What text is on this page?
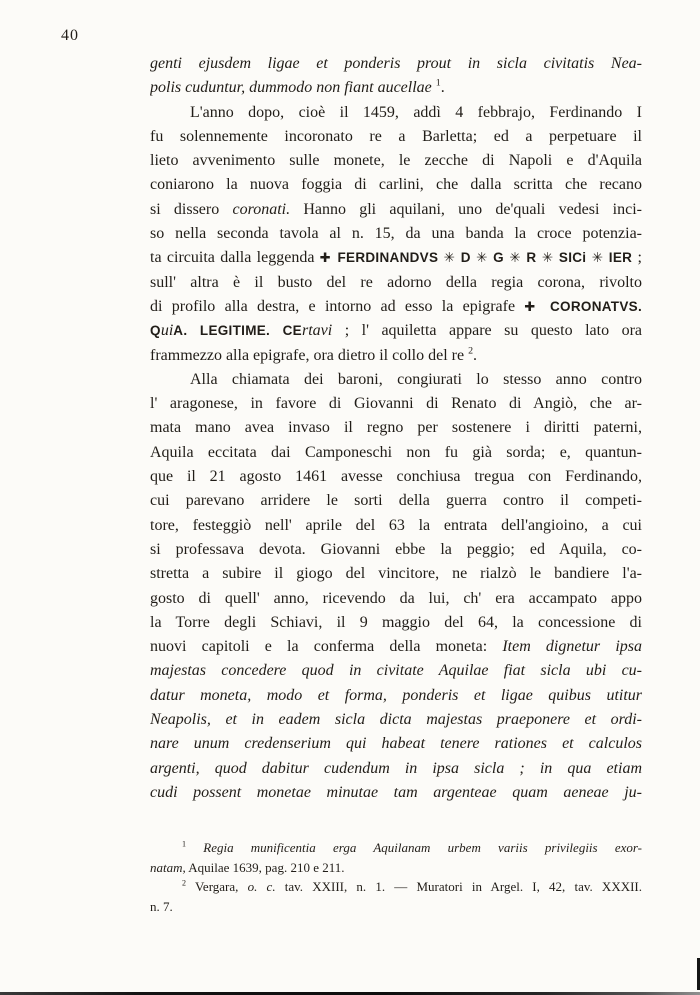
40
genti ejusdem ligae et ponderis prout in sicla civitatis Nea-
polis cuduntur, dummodo non fiant aucellae $^1$.
L'anno dopo, cioè il 1459, addì 4 febbrajo, Ferdinando I
fu solennemente incoronato re a Barletta; ed a perpetuare il
lieto avvenimento sulle monete, le zecche di Napoli e d'Aquila
coniarono la nuova foggia di carlini, che dalla scritta che recano
si dissero coronati. Hanno gli aquilani, uno de'quali vedesi inci-
so nella seconda tavola al n. 15, da una banda la croce potenzia-
ta circuita dalla leggenda ✚ FERDINANDVS ✳ D ✳ G ✳ R ✳ SICi ✳ IER ;
sull' altra è il busto del re adorno della regia corona, rivolto
di profilo alla destra, e intorno ad esso la epigrafe ✚ CORONATVS.
QuiA. LEGITIME. CErtavi ; l' aquiletta appare su questo lato ora
frammezzo alla epigrafe, ora dietro il collo del re $^2$.
Alla chiamata dei baroni, congiurati lo stesso anno contro
l' aragonese, in favore di Giovanni di Renato di Angiò, che ar-
mata mano avea invaso il regno per sostenere i diritti paterni,
Aquila eccitata dai Camponeschi non fu già sorda; e, quantun-
que il 21 agosto 1461 avesse conchiusa tregua con Ferdinando,
cui parevano arridere le sorti della guerra contro il competi-
tore, festeggiò nell' aprile del 63 la entrata dell'angioino, a cui
si professava devota. Giovanni ebbe la peggio; ed Aquila, co-
stretta a subire il giogo del vincitore, ne rialzò le bandiere l'a-
gosto di quell' anno, ricevendo da lui, ch' era accampato appo
la Torre degli Schiavi, il 9 maggio del 64, la concessione di
nuovi capitoli e la conferma della moneta: Item dignetur ipsa
majestas concedere quod in civitate Aquilae fiat sicla ubi cu-
datur moneta, modo et forma, ponderis et ligae quibus utitur
Neapolis, et in eadem sicla dicta majestas praeponere et ordi-
nare unum credenserium qui habeat tenere rationes et calculos
argenti, quod dabitur cudendum in ipsa sicla ; in qua etiam
cudi possent monetae minutae tam argenteae quam aeneae ju-
$^1$ Regia munificentia erga Aquilanam urbem variis privilegiis exor-
natam, Aquilae 1639, pag. 210 e 211.
$^2$ Vergara, o. c. tav. XXIII, n. 1. — Muratori in Argel. I, 42, tav. XXXII.
n. 7.
